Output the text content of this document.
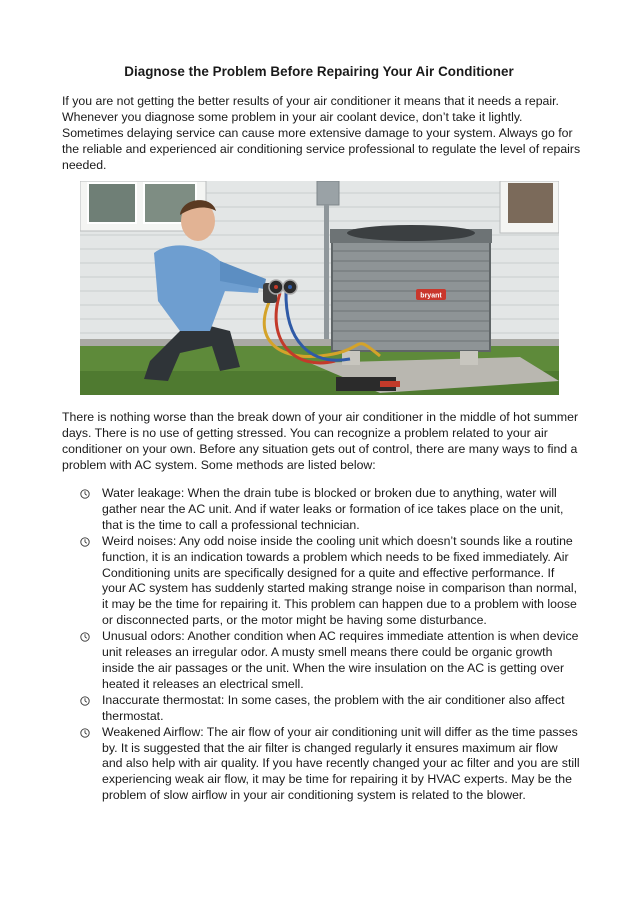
Diagnose the Problem Before Repairing Your Air Conditioner

If you are not getting the better results of your air conditioner it means that it needs a repair. Whenever you diagnose some problem in your air coolant device, don’t take it lightly. Sometimes delaying service can cause more extensive damage to your system. Always go for the reliable and experienced air conditioning service professional to regulate the level of repairs needed.

bryant

There is nothing worse than the break down of your air conditioner in the middle of hot summer days. There is no use of getting stressed. You can recognize a problem related to your air conditioner on your own. Before any situation gets out of control, there are many ways to find a problem with AC system. Some methods are listed below:

Water leakage: When the drain tube is blocked or broken due to anything, water will gather near the AC unit. And if water leaks or formation of ice takes place on the unit, that is the time to call a professional technician.
Weird noises: Any odd noise inside the cooling unit which doesn’t sounds like a routine function, it is an indication towards a problem which needs to be fixed immediately. Air Conditioning units are specifically designed for a quite and effective performance. If your AC system has suddenly started making strange noise in comparison than normal, it may be the time for repairing it. This problem can happen due to a problem with loose or disconnected parts, or the motor might be having some disturbance.
Unusual odors: Another condition when AC requires immediate attention is when device unit releases an irregular odor. A musty smell means there could be organic growth inside the air passages or the unit. When the wire insulation on the AC is getting over heated it releases an electrical smell.
Inaccurate thermostat: In some cases, the problem with the air conditioner also affect thermostat.
Weakened Airflow: The air flow of your air conditioning unit will differ as the time passes by. It is suggested that the air filter is changed regularly it ensures maximum air flow and also help with air quality. If you have recently changed your ac filter and you are still experiencing weak air flow, it may be time for repairing it by HVAC experts. May be the problem of slow airflow in your air conditioning system is related to the blower.
